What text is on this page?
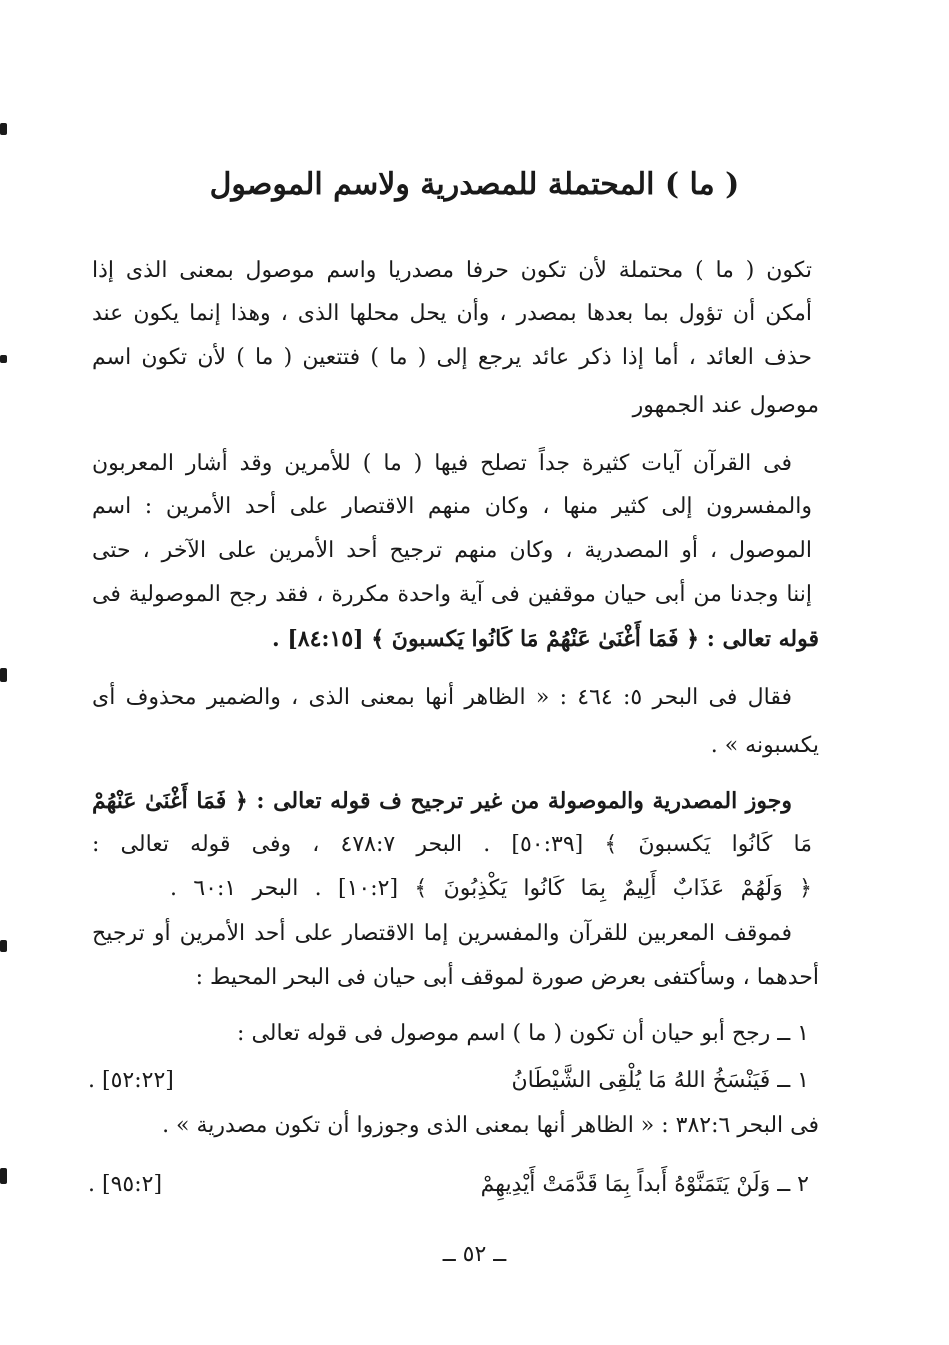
( ما ) المحتملة للمصدرية ولاسم الموصول
تكون ( ما ) محتملة لأن تكون حرفا مصدريا واسم موصول بمعنى الذى إذا
أمكن أن تؤول بما بعدها بمصدر ، وأن يحل محلها الذى ، وهذا إنما يكون عند
حذف العائد ، أما إذا ذكر عائد يرجع إلى ( ما ) فتتعين ( ما ) لأن تكون اسم
موصول عند الجمهور
فى القرآن آيات كثيرة جداً تصلح فيها ( ما ) للأمرين وقد أشار المعربون
والمفسرون إلى كثير منها ، وكان منهم الاقتصار على أحد الأمرين : اسم
الموصول ، أو المصدرية ، وكان منهم ترجيح أحد الأمرين على الآخر ، حتى
إننا وجدنا من أبى حيان موقفين فى آية واحدة مكررة ، فقد رجح الموصولية فى
قوله تعالى : ﴿ فَمَا أَغْنَىٰ عَنْهُمْ مَا كَانُوا يَكسبونَ ﴾ [٨٤:١٥] .
فقال فى البحر ٥: ٤٦٤ : « الظاهر أنها بمعنى الذى ، والضمير محذوف أى
يكسبونه » .
وجوز المصدرية والموصولة من غير ترجيح ف قوله تعالى : ﴿ فَمَا أَغْنَىٰ عَنْهُمْ
مَا كَانُوا يَكسبونَ ﴾ [٥٠:٣٩] . البحر ٤٧٨:٧ ، وفى قوله تعالى :
﴿ وَلَهُمْ عَذَابٌ أَلِيمٌ بِمَا كَانُوا يَكْذِبُونَ ﴾ [١٠:٢] . البحر ٦٠:١ .
فموقف المعربين للقرآن والمفسرين إما الاقتصار على أحد الأمرين أو ترجيح
أحدهما ، وسأكتفى بعرض صورة لموقف أبى حيان فى البحر المحيط :
١ ــ رجح أبو حيان أن تكون ( ما ) اسم موصول فى قوله تعالى :
١ ــ فَيَنْسَخُ اللهُ مَا يُلْقِى الشَّيْطَانُ
[٥٢:٢٢] .
فى البحر ٣٨٢:٦ : « الظاهر أنها بمعنى الذى وجوزوا أن تكون مصدرية » .
٢ ــ وَلَنْ يَتَمَنَّوْهُ أَبداً بِمَا قَدَّمَتْ أَيْدِيهِمْ
[٩٥:٢] .
ــ ٥٢ ــ
